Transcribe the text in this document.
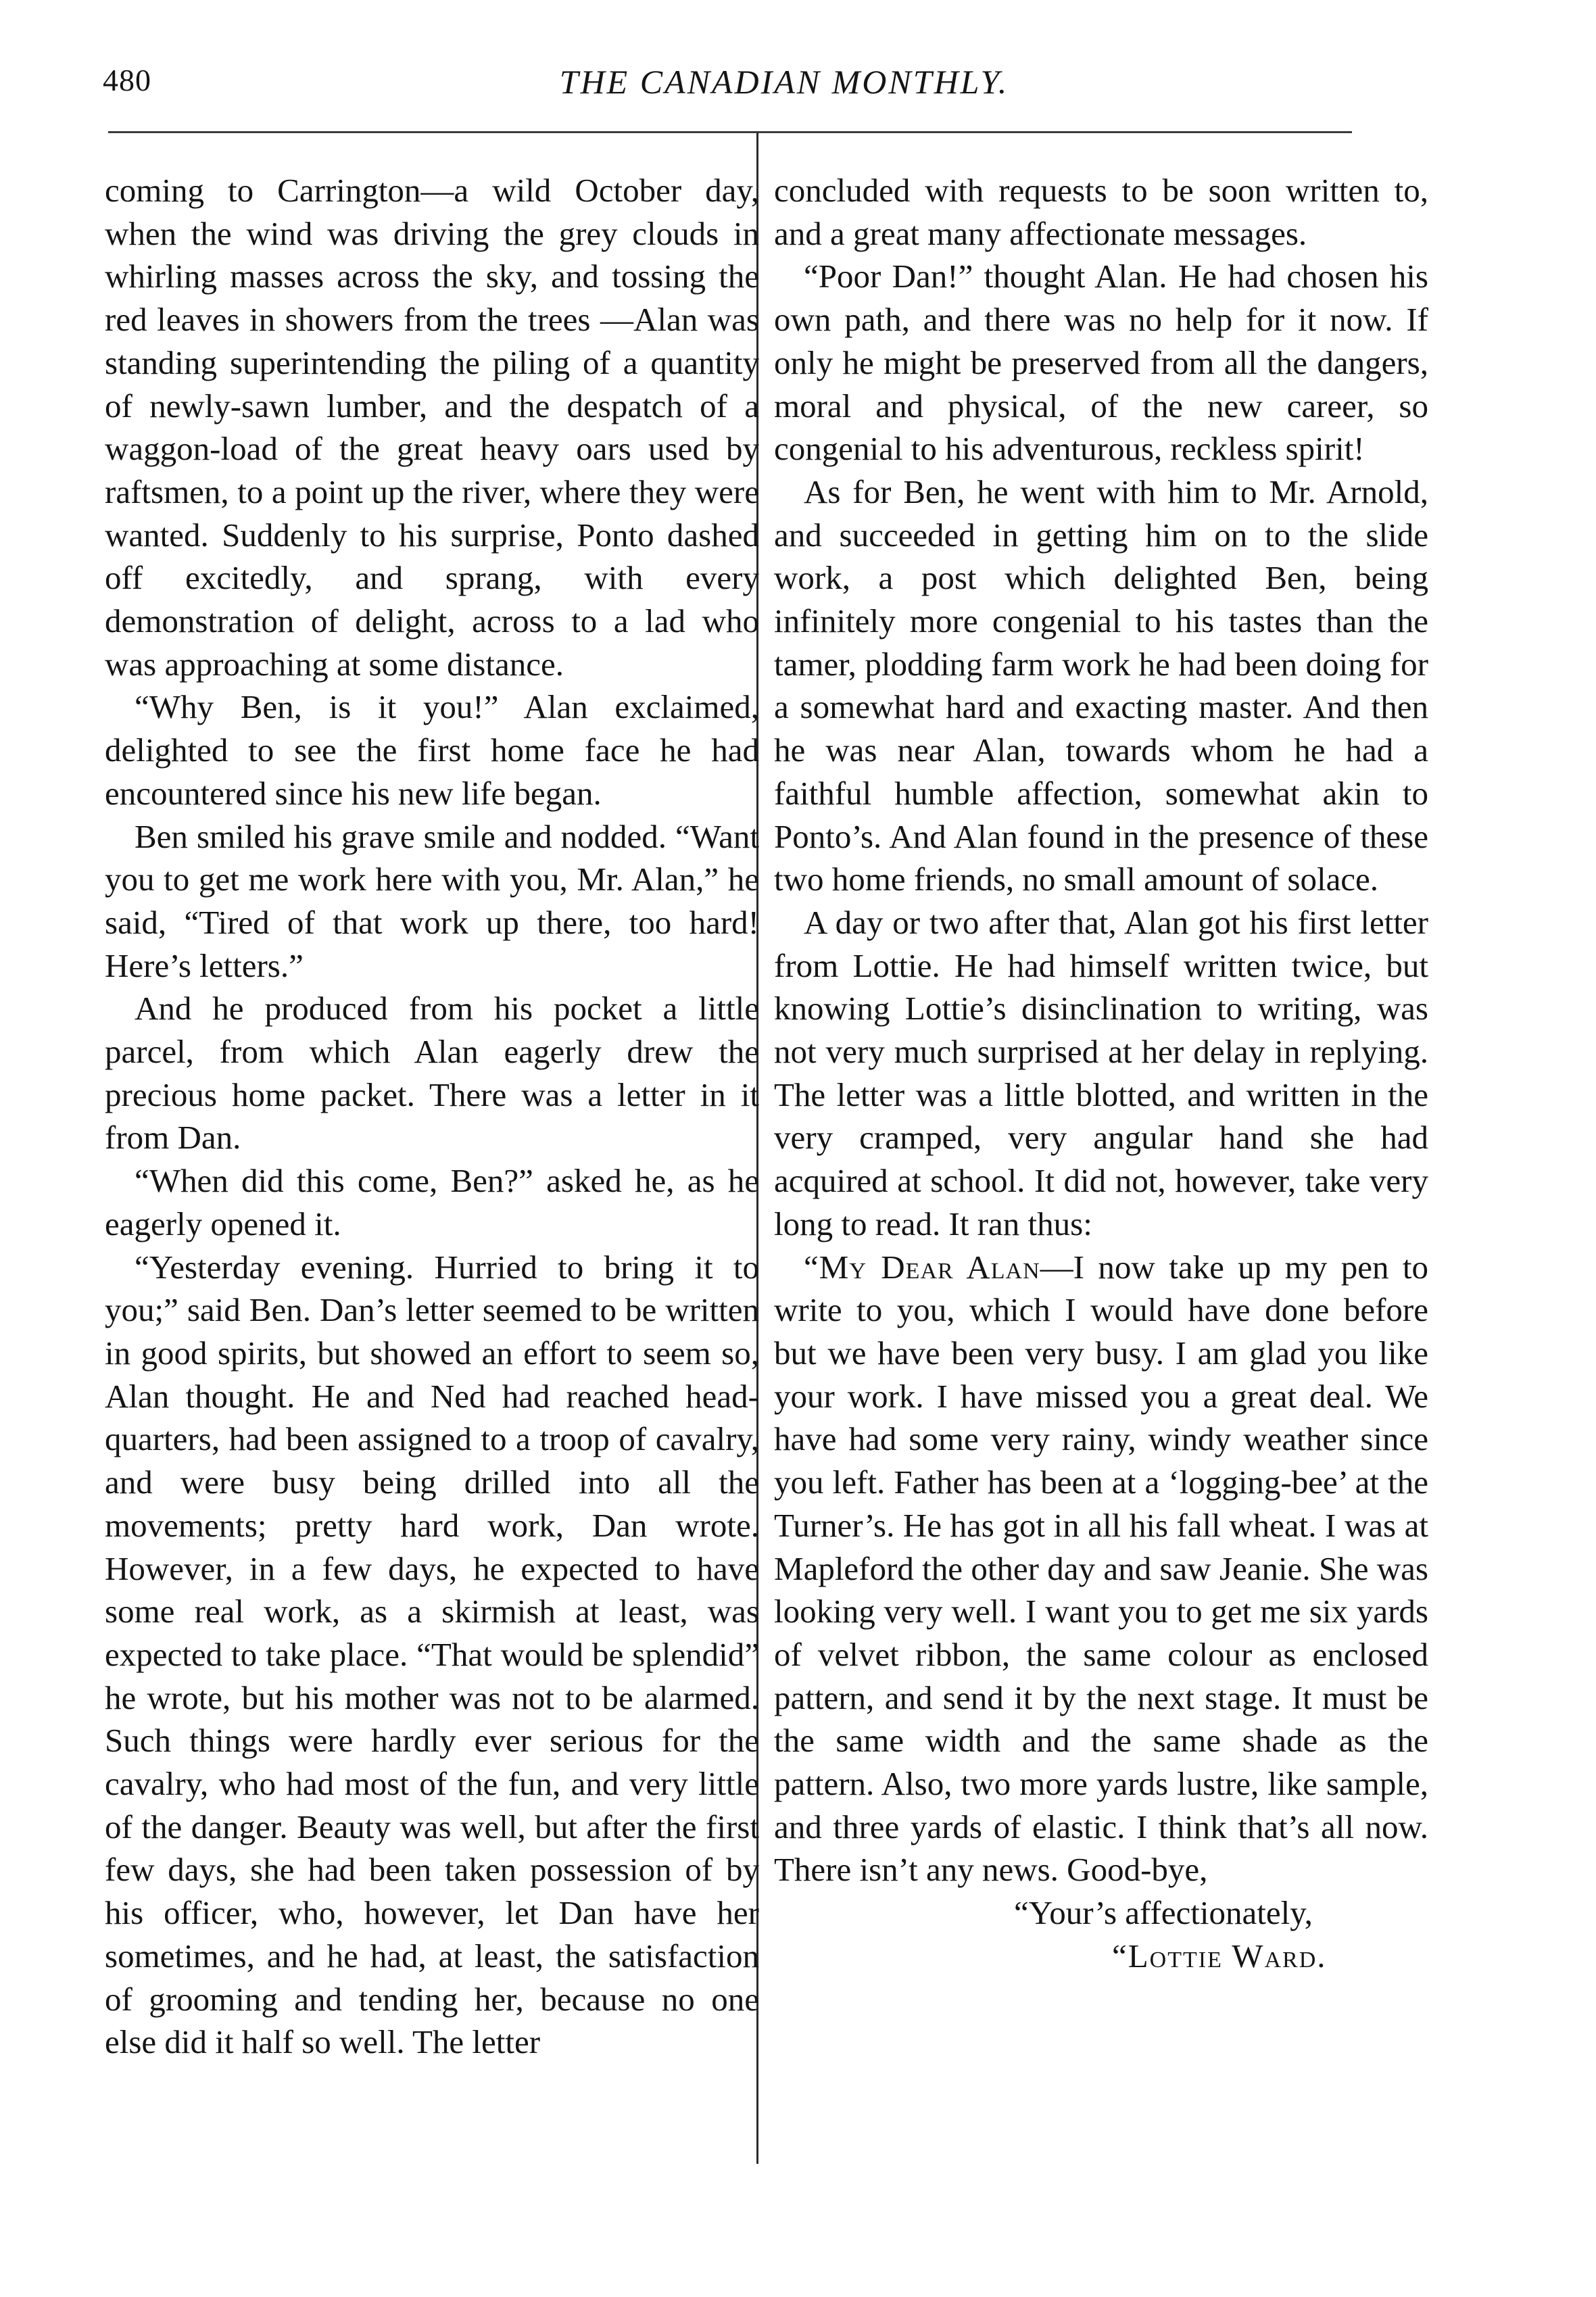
480	THE CANADIAN MONTHLY.

coming to Carrington—a wild October day, when the wind was driving the grey clouds in whirling masses across the sky, and tossing the red leaves in showers from the trees —Alan was standing superintending the piling of a quantity of newly-sawn lumber, and the despatch of a waggon-load of the great heavy oars used by raftsmen, to a point up the river, where they were wanted. Suddenly to his surprise, Ponto dashed off excitedly, and sprang, with every demonstration of delight, across to a lad who was approaching at some distance.

“Why Ben, is it you!” Alan exclaimed, delighted to see the first home face he had encountered since his new life began.

Ben smiled his grave smile and nodded. “Want you to get me work here with you, Mr. Alan,” he said, “Tired of that work up there, too hard! Here’s letters.”

And he produced from his pocket a little parcel, from which Alan eagerly drew the precious home packet. There was a letter in it from Dan.

“When did this come, Ben?” asked he, as he eagerly opened it.

“Yesterday evening. Hurried to bring it to you;” said Ben. Dan’s letter seemed to be written in good spirits, but showed an effort to seem so, Alan thought. He and Ned had reached head-quarters, had been assigned to a troop of cavalry, and were busy being drilled into all the movements; pretty hard work, Dan wrote. However, in a few days, he expected to have some real work, as a skirmish at least, was expected to take place. “That would be splendid” he wrote, but his mother was not to be alarmed. Such things were hardly ever serious for the cavalry, who had most of the fun, and very little of the danger. Beauty was well, but after the first few days, she had been taken possession of by his officer, who, however, let Dan have her sometimes, and he had, at least, the satisfaction of grooming and tending her, because no one else did it half so well. The letter

concluded with requests to be soon written to, and a great many affectionate messages.

“Poor Dan!” thought Alan. He had chosen his own path, and there was no help for it now. If only he might be preserved from all the dangers, moral and physical, of the new career, so congenial to his adventurous, reckless spirit!

As for Ben, he went with him to Mr. Arnold, and succeeded in getting him on to the slide work, a post which delighted Ben, being infinitely more congenial to his tastes than the tamer, plodding farm work he had been doing for a somewhat hard and exacting master. And then he was near Alan, towards whom he had a faithful humble affection, somewhat akin to Ponto’s. And Alan found in the presence of these two home friends, no small amount of solace.

A day or two after that, Alan got his first letter from Lottie. He had himself written twice, but knowing Lottie’s disinclination to writing, was not very much surprised at her delay in replying. The letter was a little blotted, and written in the very cramped, very angular hand she had acquired at school. It did not, however, take very long to read. It ran thus:

“My Dear Alan—I now take up my pen to write to you, which I would have done before but we have been very busy. I am glad you like your work. I have missed you a great deal. We have had some very rainy, windy weather since you left. Father has been at a ‘logging-bee’ at the Turner’s. He has got in all his fall wheat. I was at Mapleford the other day and saw Jeanie. She was looking very well. I want you to get me six yards of velvet ribbon, the same colour as enclosed pattern, and send it by the next stage. It must be the same width and the same shade as the pattern. Also, two more yards lustre, like sample, and three yards of elastic. I think that’s all now. There isn’t any news. Good-bye,

“Your’s affectionately,

“Lottie Ward.
